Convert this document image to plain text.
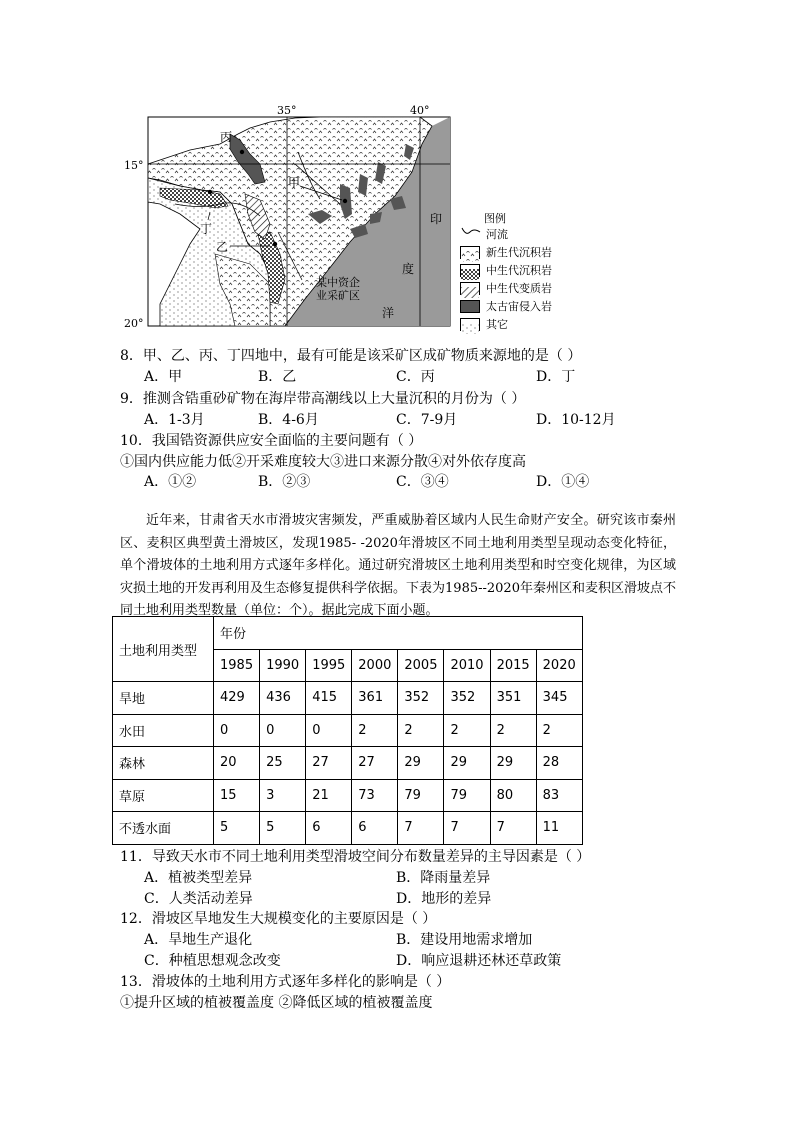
35°	40°
15°
20°
丙
甲
丁
乙
某中资企
业采矿区
印
度
洋
图例
河流
新生代沉积岩
中生代沉积岩
中生代变质岩
太古宙侵入岩
其它
8．甲、乙、丙、丁四地中，最有可能是该采矿区成矿物质来源地的是（ ）
A．甲	B．乙	C．丙	D．丁
9．推测含锆重砂矿物在海岸带高潮线以上大量沉积的月份为（ ）
A．1-3月	B．4-6月	C．7-9月	D．10-12月
10．我国锆资源供应安全面临的主要问题有（ ）
①国内供应能力低②开采难度较大③进口来源分散④对外依存度高
A．①②	B．②③	C．③④	D．①④
近年来，甘肃省天水市滑坡灾害频发，严重威胁着区域内人民生命财产安全。研究该市秦州区、麦积区典型黄土滑坡区，发现1985- -2020年滑坡区不同土地利用类型呈现动态变化特征，单个滑坡体的土地利用方式逐年多样化。通过研究滑坡区土地利用类型和时空变化规律，为区域灾损土地的开发再利用及生态修复提供科学依据。下表为1985--2020年秦州区和麦积区滑坡点不同土地利用类型数量（单位：个）。据此完成下面小题。
土地利用类型	年份							
	1985	1990	1995	2000	2005	2010	2015	2020
旱地	429	436	415	361	352	352	351	345
水田	0	0	0	2	2	2	2	2
森林	20	25	27	27	29	29	29	28
草原	15	3	21	73	79	79	80	83
不透水面	5	5	6	6	7	7	7	11
11．导致天水市不同土地利用类型滑坡空间分布数量差异的主导因素是（ ）
A．植被类型差异	B．降雨量差异
C．人类活动差异	D．地形的差异
12．滑坡区旱地发生大规模变化的主要原因是（ ）
A．旱地生产退化	B．建设用地需求增加
C．种植思想观念改变	D．响应退耕还林还草政策
13．滑坡体的土地利用方式逐年多样化的影响是（ ）
①提升区域的植被覆盖度 ②降低区域的植被覆盖度
